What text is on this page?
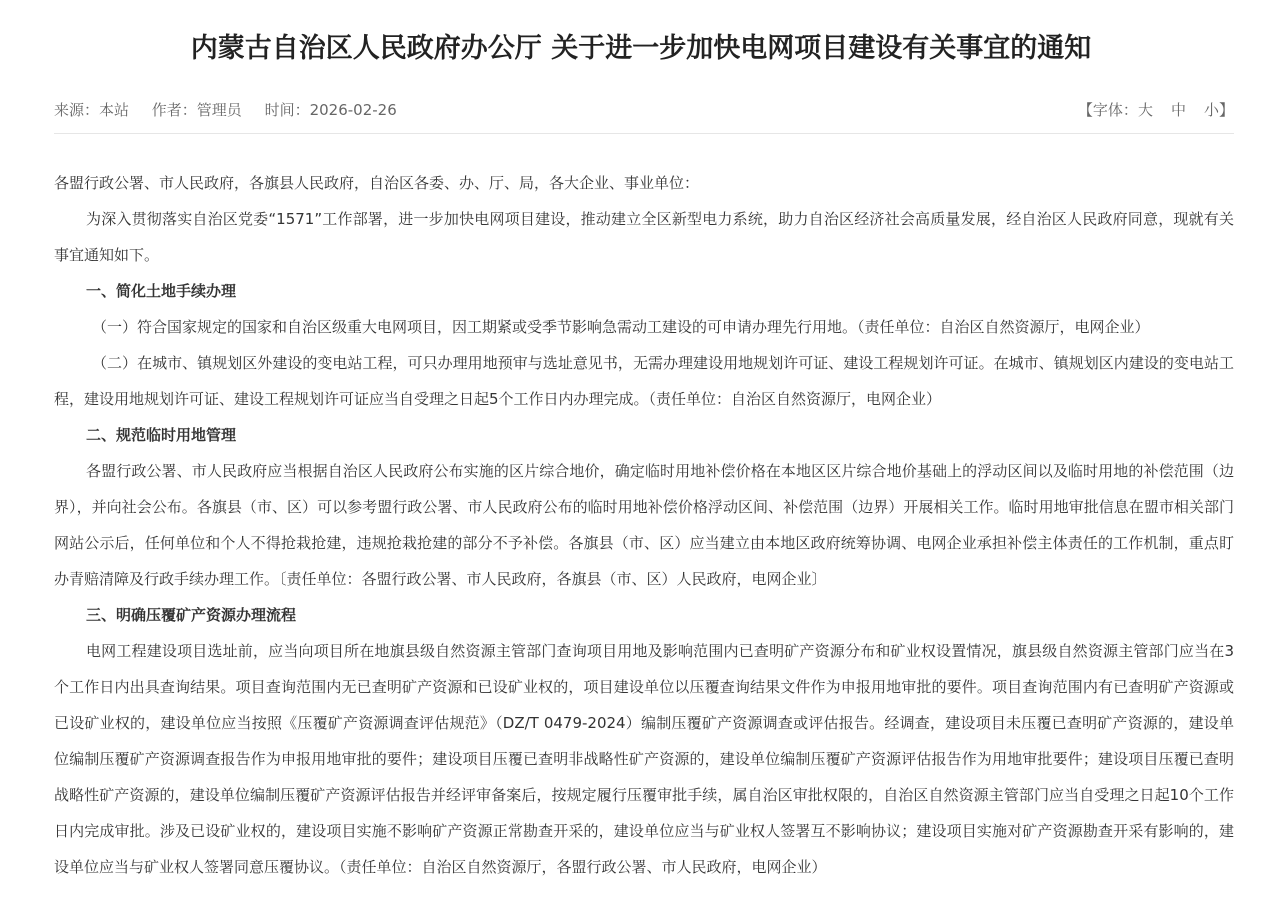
内蒙古自治区人民政府办公厅 关于进一步加快电网项目建设有关事宜的通知
来源：本站 作者：管理员 时间：2026-02-26	【字体：大 中 小】

各盟行政公署、市人民政府，各旗县人民政府，自治区各委、办、厅、局，各大企业、事业单位：

为深入贯彻落实自治区党委“1571”工作部署，进一步加快电网项目建设，推动建立全区新型电力系统，助力自治区经济社会高质量发展，经自治区人民政府同意，现就有关事宜通知如下。

一、简化土地手续办理

（一）符合国家规定的国家和自治区级重大电网项目，因工期紧或受季节影响急需动工建设的可申请办理先行用地。（责任单位：自治区自然资源厅，电网企业）

（二）在城市、镇规划区外建设的变电站工程，可只办理用地预审与选址意见书，无需办理建设用地规划许可证、建设工程规划许可证。在城市、镇规划区内建设的变电站工程，建设用地规划许可证、建设工程规划许可证应当自受理之日起5个工作日内办理完成。（责任单位：自治区自然资源厅，电网企业）

二、规范临时用地管理

各盟行政公署、市人民政府应当根据自治区人民政府公布实施的区片综合地价，确定临时用地补偿价格在本地区区片综合地价基础上的浮动区间以及临时用地的补偿范围（边界），并向社会公布。各旗县（市、区）可以参考盟行政公署、市人民政府公布的临时用地补偿价格浮动区间、补偿范围（边界）开展相关工作。临时用地审批信息在盟市相关部门网站公示后，任何单位和个人不得抢栽抢建，违规抢栽抢建的部分不予补偿。各旗县（市、区）应当建立由本地区政府统筹协调、电网企业承担补偿主体责任的工作机制，重点盯办青赔清障及行政手续办理工作。〔责任单位：各盟行政公署、市人民政府，各旗县（市、区）人民政府，电网企业〕

三、明确压覆矿产资源办理流程

电网工程建设项目选址前，应当向项目所在地旗县级自然资源主管部门查询项目用地及影响范围内已查明矿产资源分布和矿业权设置情况，旗县级自然资源主管部门应当在3个工作日内出具查询结果。项目查询范围内无已查明矿产资源和已设矿业权的，项目建设单位以压覆查询结果文件作为申报用地审批的要件。项目查询范围内有已查明矿产资源或已设矿业权的，建设单位应当按照《压覆矿产资源调查评估规范》（DZ/T 0479-2024）编制压覆矿产资源调查或评估报告。经调查，建设项目未压覆已查明矿产资源的，建设单位编制压覆矿产资源调查报告作为申报用地审批的要件；建设项目压覆已查明非战略性矿产资源的，建设单位编制压覆矿产资源评估报告作为用地审批要件；建设项目压覆已查明战略性矿产资源的，建设单位编制压覆矿产资源评估报告并经评审备案后，按规定履行压覆审批手续，属自治区审批权限的，自治区自然资源主管部门应当自受理之日起10个工作日内完成审批。涉及已设矿业权的，建设项目实施不影响矿产资源正常勘查开采的，建设单位应当与矿业权人签署互不影响协议；建设项目实施对矿产资源勘查开采有影响的，建设单位应当与矿业权人签署同意压覆协议。（责任单位：自治区自然资源厅，各盟行政公署、市人民政府，电网企业）
